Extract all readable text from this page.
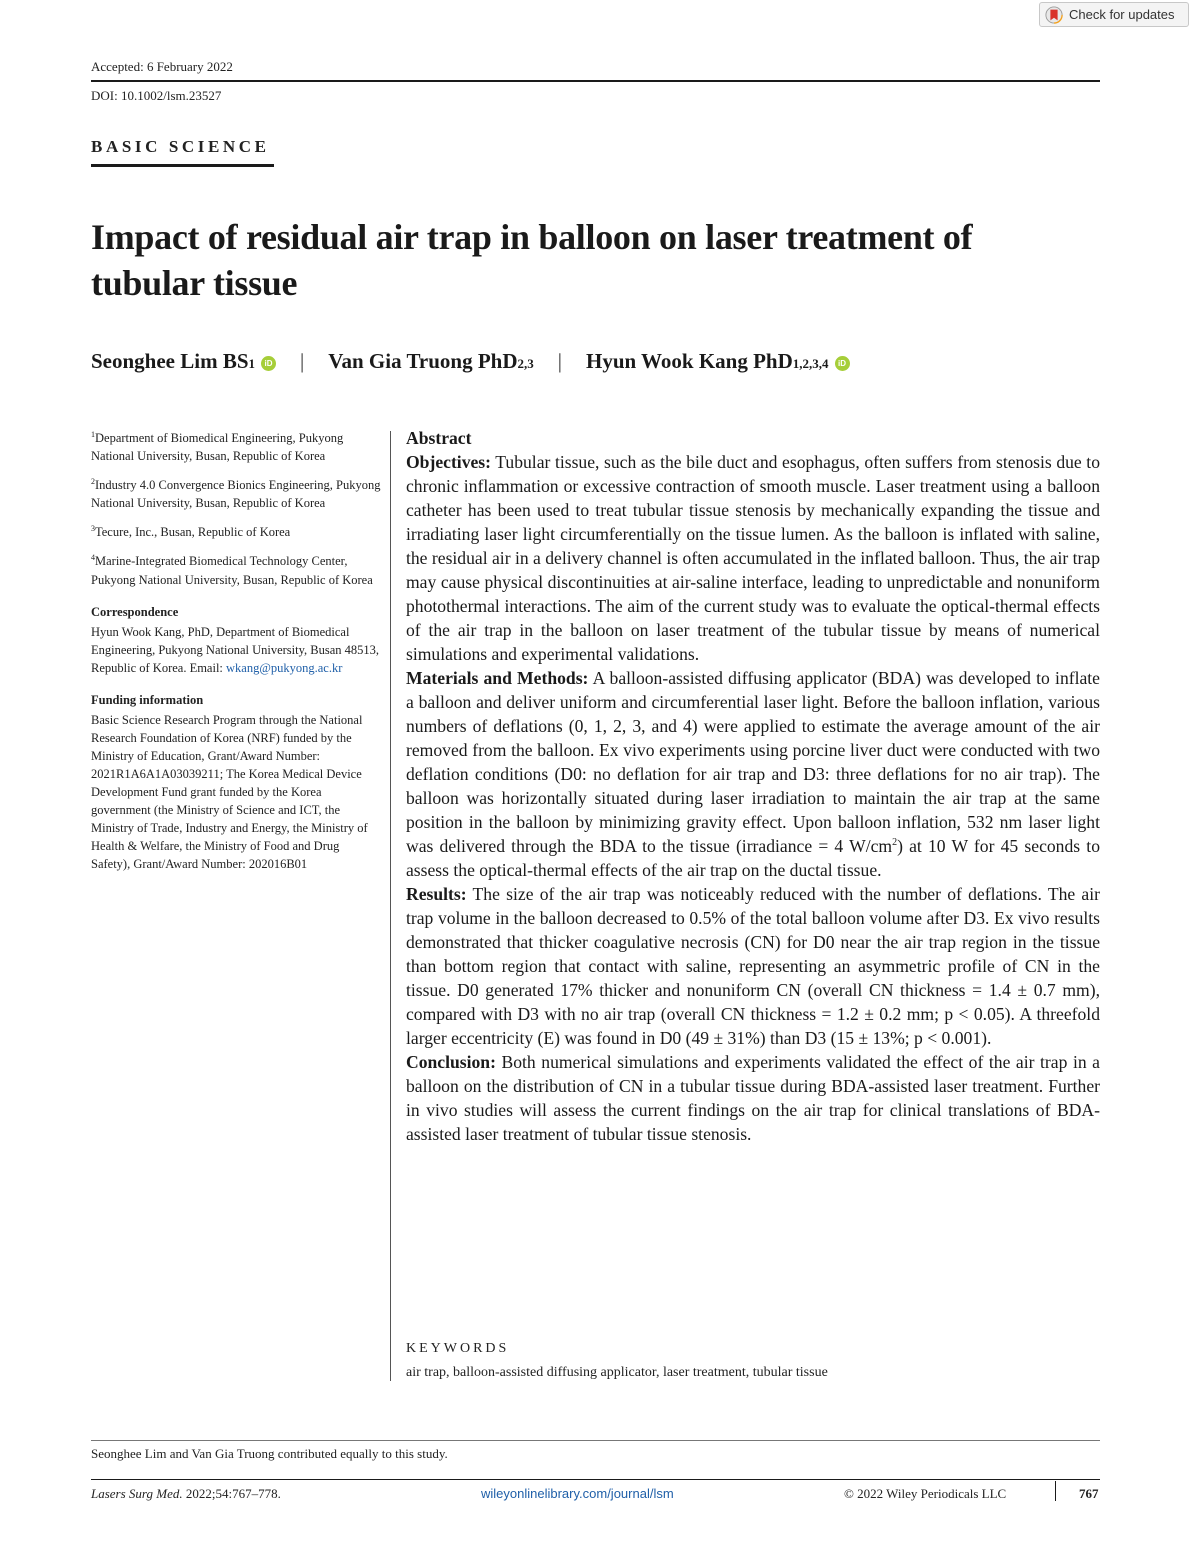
Check for updates
Accepted: 6 February 2022
DOI: 10.1002/lsm.23527
BASIC SCIENCE
Impact of residual air trap in balloon on laser treatment of tubular tissue
Seonghee Lim BS 1	iD | Van Gia Truong PhD 2,3 | Hyun Wook Kang PhD 1,2,3,4	iD
$^1$Department of Biomedical Engineering, Pukyong National University, Busan, Republic of Korea
$^2$Industry 4.0 Convergence Bionics Engineering, Pukyong National University, Busan, Republic of Korea
$^3$Tecure, Inc., Busan, Republic of Korea
$^4$Marine-Integrated Biomedical Technology Center, Pukyong National University, Busan, Republic of Korea
Correspondence
Hyun Wook Kang, PhD, Department of Biomedical Engineering, Pukyong National University, Busan 48513, Republic of Korea. Email: wkang@pukyong.ac.kr
Funding information
Basic Science Research Program through the National Research Foundation of Korea (NRF) funded by the Ministry of Education, Grant/Award Number: 2021R1A6A1A03039211; The Korea Medical Device Development Fund grant funded by the Korea government (the Ministry of Science and ICT, the Ministry of Trade, Industry and Energy, the Ministry of Health & Welfare, the Ministry of Food and Drug Safety), Grant/Award Number: 202016B01
Abstract

Objectives: Tubular tissue, such as the bile duct and esophagus, often suffers from stenosis due to chronic inflammation or excessive contraction of smooth muscle. Laser treatment using a balloon catheter has been used to treat tubular tissue stenosis by mechanically expanding the tissue and irradiating laser light circumferentially on the tissue lumen. As the balloon is inflated with saline, the residual air in a delivery channel is often accumulated in the inflated balloon. Thus, the air trap may cause physical discontinuities at air-saline interface, leading to unpredictable and nonuniform photothermal interactions. The aim of the current study was to evaluate the optical-thermal effects of the air trap in the balloon on laser treatment of the tubular tissue by means of numerical simulations and experimental validations.

Materials and Methods: A balloon-assisted diffusing applicator (BDA) was developed to inflate a balloon and deliver uniform and circumferential laser light. Before the balloon inflation, various numbers of deflations (0, 1, 2, 3, and 4) were applied to estimate the average amount of the air removed from the balloon. Ex vivo experiments using porcine liver duct were conducted with two deflation conditions (D0: no deflation for air trap and D3: three deflations for no air trap). The balloon was horizontally situated during laser irradiation to maintain the air trap at the same position in the balloon by minimizing gravity effect. Upon balloon inflation, 532 nm laser light was delivered through the BDA to the tissue (irradiance = 4 $W/cm^2$) at 10 W for 45 seconds to assess the optical-thermal effects of the air trap on the ductal tissue.

Results: The size of the air trap was noticeably reduced with the number of deflations. The air trap volume in the balloon decreased to 0.5% of the total balloon volume after D3. Ex vivo results demonstrated that thicker coagulative necrosis (CN) for D0 near the air trap region in the tissue than bottom region that contact with saline, representing an asymmetric profile of CN in the tissue. D0 generated 17% thicker and nonuniform CN (overall CN thickness = 1.4 ± 0.7 mm), compared with D3 with no air trap (overall CN thickness = 1.2 ± 0.2 mm; p < 0.05). A threefold larger eccentricity (E) was found in D0 (49 ± 31%) than D3 (15 ± 13%; p < 0.001).

Conclusion: Both numerical simulations and experiments validated the effect of the air trap in a balloon on the distribution of CN in a tubular tissue during BDA-assisted laser treatment. Further in vivo studies will assess the current findings on the air trap for clinical translations of BDA-assisted laser treatment of tubular tissue stenosis.

KEYWORDS
air trap, balloon-assisted diffusing applicator, laser treatment, tubular tissue
Seonghee Lim and Van Gia Truong contributed equally to this study.
Lasers Surg Med. 2022;54:767–778.	wileyonlinelibrary.com/journal/lsm	© 2022 Wiley Periodicals LLC	767
